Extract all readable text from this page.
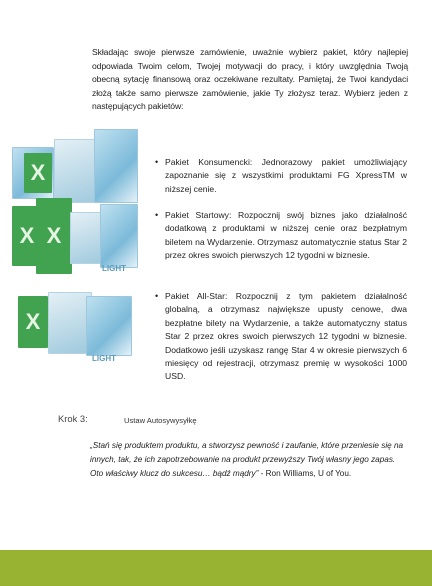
Składając swoje pierwsze zamówienie, uważnie wybierz pakiet, który najlepiej odpowiada Twoim celom, Twojej motywacji do pracy, i który uwzględnia Twoją obecną sytację finansową oraz oczekiwane rezultaty. Pamiętaj, że Twoi kandydaci złożą także samo pierwsze zamówienie, jakie Ty złożysz teraz. Wybierz jeden z następujących pakietów:
X
X X
LIGHT
X
LIGHT
• Pakiet Konsumencki: Jednorazowy pakiet umożliwiający zapoznanie się z wszystkimi produktami FG XpressTM w niższej cenie.
• Pakiet Startowy: Rozpocznij swój biznes jako działalność dodatkową z produktami w niższej cenie oraz bezpłatnym biletem na Wydarzenie. Otrzymasz automatycznie status Star 2 przez okres swoich pierwszych 12 tygodni w biznesie.
• Pakiet All-Star: Rozpocznij z tym pakietem działalność globalną, a otrzymasz największe upusty cenowe, dwa bezpłatne bilety na Wydarzenie, a także automatyczny status Star 2 przez okres swoich pierwszych 12 tygodni w biznesie. Dodatkowo jeśli uzyskasz rangę Star 4 w okresie pierwszych 6 miesięcy od rejestracji, otrzymasz premię w wysokości 1000 USD.
Krok 3:	Ustaw Autosywysyłkę
„Stań się produktem produktu, a stworzysz pewność i zaufanie, które przeniesie się na innych, tak, że ich zapotrzebowanie na produkt przewyższy Twój własny jego zapas. Oto właściwy klucz do sukcesu… bądź mądry” - Ron Williams, U of You.
